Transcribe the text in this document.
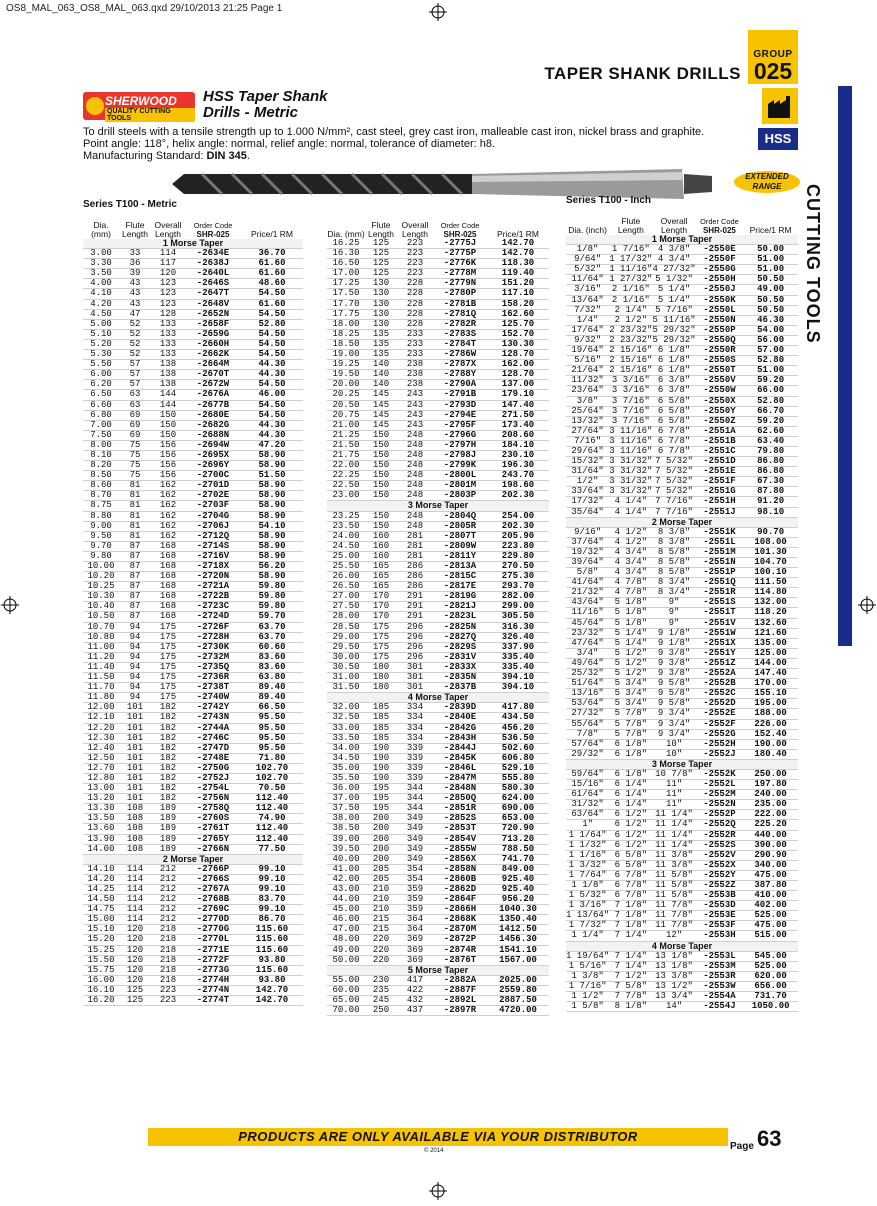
OS8_MAL_063_OS8_MAL_063.qxd 29/10/2013 21:25 Page 1
GROUP
025
TAPER SHANK DRILLS
HSS
CUTTING TOOLS
SHERWOOD
QUALITY CUTTING TOOLS
HSS Taper Shank
Drills - Metric
To drill steels with a tensile strength up to 1.000 N/mm², cast steel, grey cast iron, malleable cast iron, nickel brass and graphite.
Point angle: 118°, helix angle: normal, relief angle: normal, tolerance of diameter: h8.
Manufacturing Standard: DIN 345.
EXTENDED
RANGE
Series T100 - Metric
Dia. (mm)	Flute Length	Overall Length	Order Code
SHR-025	Price/1 RM
1 Morse Taper				
3.00	33	114	-2634E	36.70
3.30	36	117	-2638J	61.60
3.50	39	120	-2640L	61.60
4.00	43	123	-2646S	48.60
4.10	43	123	-2647T	54.50
4.20	43	123	-2648V	61.60
4.50	47	128	-2652N	54.50
5.00	52	133	-2658F	52.80
5.10	52	133	-2659G	54.50
5.20	52	133	-2660H	54.50
5.30	52	133	-2662K	54.50
5.50	57	138	-2664M	44.30
6.00	57	138	-2670T	44.30
6.20	57	138	-2672W	54.50
6.50	63	144	-2676A	46.00
6.60	63	144	-2677B	54.50
6.80	69	150	-2680E	54.50
7.00	69	150	-2682G	44.30
7.50	69	150	-2688N	44.30
8.00	75	156	-2694W	47.20
8.10	75	156	-2695X	58.90
8.20	75	156	-2696Y	58.90
8.50	75	156	-2700C	51.50
8.60	81	162	-2701D	58.90
8.70	81	162	-2702E	58.90
8.75	81	162	-2703F	58.90
8.80	81	162	-2704G	58.90
9.00	81	162	-2706J	54.10
9.50	81	162	-2712Q	58.90
9.70	87	168	-2714S	58.90
9.80	87	168	-2716V	58.90
10.00	87	168	-2718X	56.20
10.20	87	168	-2720N	58.90
10.25	87	168	-2721A	59.80
10.30	87	168	-2722B	59.80
10.40	87	168	-2723C	59.80
10.50	87	168	-2724D	59.70
10.70	94	175	-2726F	63.70
10.80	94	175	-2728H	63.70
11.00	94	175	-2730K	60.60
11.20	94	175	-2732M	83.60
11.40	94	175	-2735Q	83.60
11.50	94	175	-2736R	63.80
11.70	94	175	-2738T	89.40
11.80	94	175	-2740W	89.40
12.00	101	182	-2742Y	66.50
12.10	101	182	-2743N	95.50
12.20	101	182	-2744A	95.50
12.30	101	182	-2746C	95.50
12.40	101	182	-2747D	95.50
12.50	101	182	-2748E	71.80
12.70	101	182	-2750G	102.70
12.80	101	182	-2752J	102.70
13.00	101	182	-2754L	70.50
13.20	101	182	-2756N	112.40
13.30	108	189	-2758Q	112.40
13.50	108	189	-2760S	74.90
13.60	108	189	-2761T	112.40
13.90	108	189	-2765Y	112.40
14.00	108	189	-2766N	77.50
2 Morse Taper				
14.10	114	212	-2766P	99.10
14.20	114	212	-2766S	99.10
14.25	114	212	-2767A	99.10
14.50	114	212	-2768B	83.70
14.75	114	212	-2769C	99.10
15.00	114	212	-2770D	86.70
15.10	120	218	-2770G	115.60
15.20	120	218	-2770L	115.60
15.25	120	218	-2771E	115.60
15.50	120	218	-2772F	93.80
15.75	120	218	-2773G	115.60
16.00	120	218	-2774H	93.80
16.10	125	223	-2774N	142.70
16.20	125	223	-2774T	142.70
Dia. (mm)	Flute Length	Overall Length	Order Code
SHR-025	Price/1 RM
16.25	125	223	-2775J	142.70
16.30	125	223	-2775P	142.70
16.50	125	223	-2776K	118.30
17.00	125	223	-2778M	119.40
17.25	130	228	-2779N	151.20
17.50	130	228	-2780P	117.10
17.70	130	228	-2781B	158.20
17.75	130	228	-2781Q	162.60
18.00	130	228	-2782R	125.70
18.25	135	233	-2783S	152.70
18.50	135	233	-2784T	130.30
19.00	135	233	-2786W	128.70
19.25	140	238	-2787X	162.00
19.50	140	238	-2788Y	128.70
20.00	140	238	-2790A	137.00
20.25	145	243	-2791B	179.10
20.50	145	243	-2793D	147.40
20.75	145	243	-2794E	271.50
21.00	145	243	-2795F	173.40
21.25	150	248	-2796G	208.60
21.50	150	248	-2797H	184.10
21.75	150	248	-2798J	230.10
22.00	150	248	-2799K	196.30
22.25	150	248	-2800L	243.70
22.50	150	248	-2801M	198.60
23.00	150	248	-2803P	202.30
3 Morse Taper				
23.25	150	248	-2804Q	254.00
23.50	150	248	-2805R	202.30
24.00	160	281	-2807T	205.90
24.50	160	281	-2809W	223.80
25.00	160	281	-2811Y	229.80
25.50	165	286	-2813A	270.50
26.00	165	286	-2815C	275.30
26.50	165	286	-2817E	293.70
27.00	170	291	-2819G	282.00
27.50	170	291	-2821J	299.00
28.00	170	291	-2823L	305.50
28.50	175	296	-2825N	316.30
29.00	175	296	-2827Q	326.40
29.50	175	296	-2829S	337.90
30.00	175	296	-2831V	335.40
30.50	180	301	-2833X	335.40
31.00	180	301	-2835N	394.10
31.50	180	301	-2837B	394.10
4 Morse Taper				
32.00	185	334	-2839D	417.80
32.50	185	334	-2840E	434.50
33.00	185	334	-2842G	456.20
33.50	185	334	-2843H	536.50
34.00	190	339	-2844J	502.60
34.50	190	339	-2845K	606.80
35.00	190	339	-2846L	529.10
35.50	190	339	-2847M	555.80
36.00	195	344	-2848N	580.30
37.00	195	344	-2850Q	624.00
37.50	195	344	-2851R	690.00
38.00	200	349	-2852S	653.00
38.50	200	349	-2853T	720.90
39.00	200	349	-2854V	713.20
39.50	200	349	-2855W	788.50
40.00	200	349	-2856X	741.70
41.00	205	354	-2858N	849.00
42.00	205	354	-2860B	925.40
43.00	210	359	-2862D	925.40
44.00	210	359	-2864F	956.20
45.00	210	359	-2866H	1040.30
46.00	215	364	-2868K	1350.40
47.00	215	364	-2870M	1412.50
48.00	220	369	-2872P	1456.30
49.00	220	369	-2874R	1541.10
50.00	220	369	-2876T	1567.00
5 Morse Taper				
55.00	230	417	-2882A	2025.00
60.00	235	422	-2887F	2559.80
65.00	245	432	-2892L	2887.50
70.00	250	437	-2897R	4720.00
Series T100 - Inch
Dia. (inch)	Flute Length	Overall Length	Order Code
SHR-025	Price/1 RM
1 Morse Taper				
1/8"	1 7/16"	4 3/8"	-2550E	50.00
9/64"	1 17/32"	4 3/4"	-2550F	51.00
5/32"	1 11/16"	4 27/32"	-2550G	51.00
11/64"	1 27/32"	5 1/32"	-2550H	50.50
3/16"	2 1/16"	5 1/4"	-2550J	49.00
13/64"	2 1/16"	5 1/4"	-2550K	50.50
7/32"	2 1/4"	5 7/16"	-2550L	50.50
1/4"	2 1/2"	5 11/16"	-2550N	46.30
17/64"	2 23/32"	5 29/32"	-2550P	54.00
9/32"	2 23/32"	5 29/32"	-2550Q	56.00
19/64"	2 15/16"	6 1/8"	-2550R	57.00
5/16"	2 15/16"	6 1/8"	-2550S	52.80
21/64"	2 15/16"	6 1/8"	-2550T	51.00
11/32"	3 3/16"	6 3/8"	-2550V	59.20
23/64"	3 3/16"	6 3/8"	-2550W	66.00
3/8"	3 7/16"	6 5/8"	-2550X	52.80
25/64"	3 7/16"	6 5/8"	-2550Y	66.70
13/32"	3 7/16"	6 5/8"	-2550Z	59.20
27/64"	3 11/16"	6 7/8"	-2551A	62.60
7/16"	3 11/16"	6 7/8"	-2551B	63.40
29/64"	3 11/16"	6 7/8"	-2551C	79.80
15/32"	3 31/32"	7 5/32"	-2551D	86.80
31/64"	3 31/32"	7 5/32"	-2551E	86.80
1/2"	3 31/32"	7 5/32"	-2551F	67.30
33/64"	3 31/32"	7 5/32"	-2551G	87.80
17/32"	4 1/4"	7 7/16"	-2551H	91.20
35/64"	4 1/4"	7 7/16"	-2551J	98.10
2 Morse Taper				
9/16"	4 1/2"	8 3/8"	-2551K	90.70
37/64"	4 1/2"	8 3/8"	-2551L	108.00
19/32"	4 3/4"	8 5/8"	-2551M	101.30
39/64"	4 3/4"	8 5/8"	-2551N	104.70
5/8"	4 3/4"	8 5/8"	-2551P	100.10
41/64"	4 7/8"	8 3/4"	-2551Q	111.50
21/32"	4 7/8"	8 3/4"	-2551R	114.80
43/64"	5 1/8"	9"	-2551S	132.00
11/16"	5 1/8"	9"	-2551T	118.20
45/64"	5 1/8"	9"	-2551V	132.60
23/32"	5 1/4"	9 1/8"	-2551W	121.60
47/64"	5 1/4"	9 1/8"	-2551X	135.00
3/4"	5 1/2"	9 3/8"	-2551Y	125.00
49/64"	5 1/2"	9 3/8"	-2551Z	144.00
25/32"	5 1/2"	9 3/8"	-2552A	147.40
51/64"	5 3/4"	9 5/8"	-2552B	170.00
13/16"	5 3/4"	9 5/8"	-2552C	155.10
53/64"	5 3/4"	9 5/8"	-2552D	195.00
27/32"	5 7/8"	9 3/4"	-2552E	188.00
55/64"	5 7/8"	9 3/4"	-2552F	226.00
7/8"	5 7/8"	9 3/4"	-2552G	152.40
57/64"	6 1/8"	10"	-2552H	190.00
29/32"	6 1/8"	10"	-2552J	180.40
3 Morse Taper				
59/64"	6 1/8"	10 7/8"	-2552K	250.00
15/16"	6 1/4"	11"	-2552L	197.80
61/64"	6 1/4"	11"	-2552M	240.00
31/32"	6 1/4"	11"	-2552N	235.00
63/64"	6 1/2"	11 1/4"	-2552P	222.00
1"	6 1/2"	11 1/4"	-2552Q	225.20
1 1/64"	6 1/2"	11 1/4"	-2552R	440.00
1 1/32"	6 1/2"	11 1/4"	-2552S	390.00
1 1/16"	6 5/8"	11 3/8"	-2552V	290.90
1 3/32"	6 5/8"	11 3/8"	-2552X	340.00
1 7/64"	6 7/8"	11 5/8"	-2552Y	475.00
1 1/8"	6 7/8"	11 5/8"	-2552Z	387.80
1 5/32"	6 7/8"	11 5/8"	-2553B	410.00
1 3/16"	7 1/8"	11 7/8"	-2553D	402.00
1 13/64"	7 1/8"	11 7/8"	-2553E	525.00
1 7/32"	7 1/8"	11 7/8"	-2553F	475.00
1 1/4"	7 1/4"	12"	-2553H	515.00
4 Morse Taper				
1 19/64"	7 1/4"	13 1/8"	-2553L	545.00
1 5/16"	7 1/4"	13 1/8"	-2553M	525.00
1 3/8"	7 1/2"	13 3/8"	-2553R	620.00
1 7/16"	7 5/8"	13 1/2"	-2553W	656.00
1 1/2"	7 7/8"	13 3/4"	-2554A	731.70
1 5/8"	8 1/8"	14"	-2554J	1050.00
PRODUCTS ARE ONLY AVAILABLE VIA YOUR DISTRIBUTOR
© 2014	Page 63
